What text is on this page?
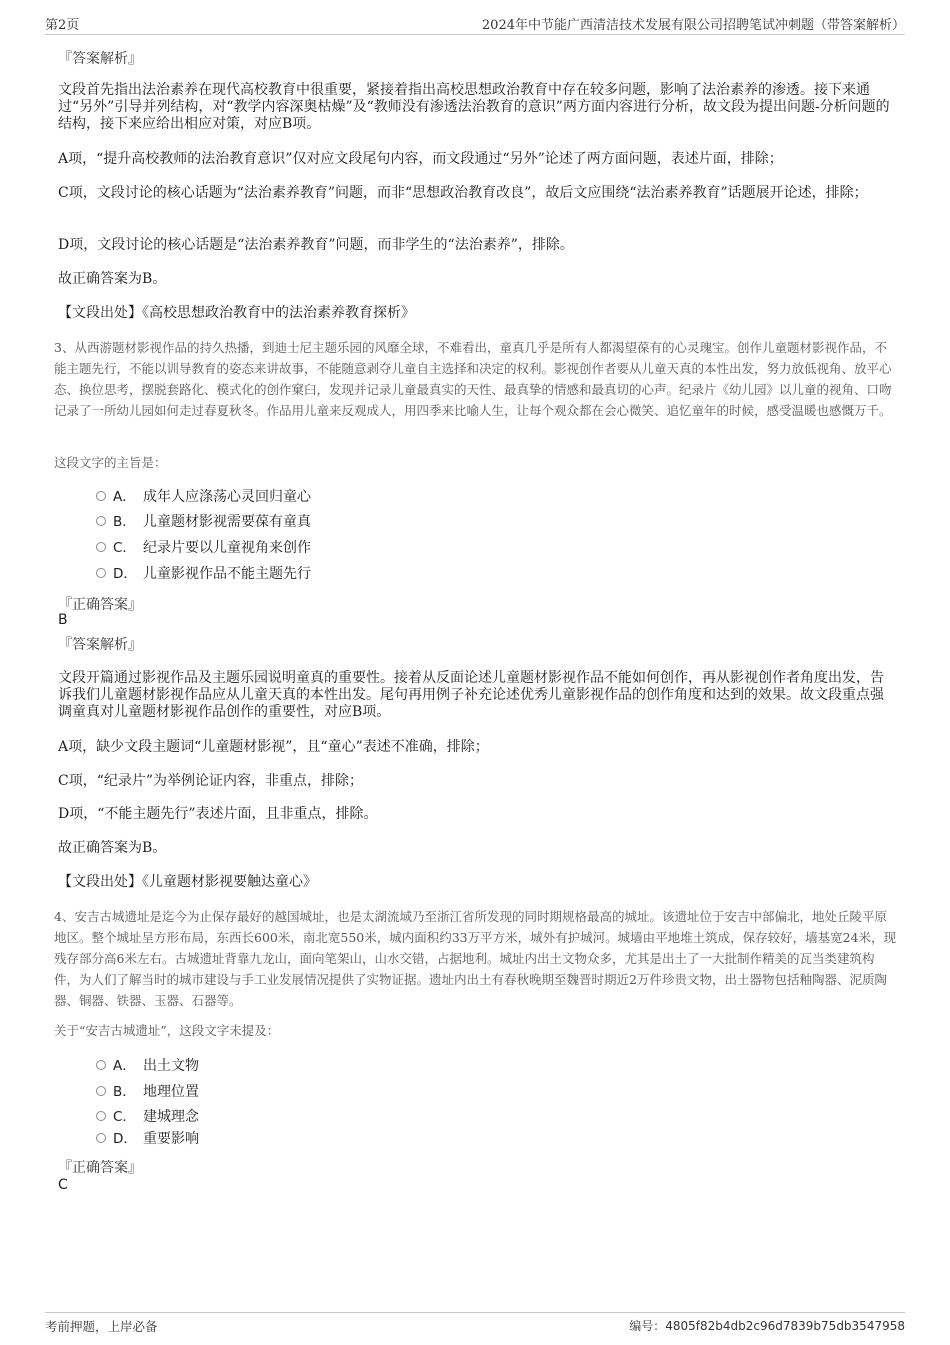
第2页	2024年中节能广西清洁技术发展有限公司招聘笔试冲刺题（带答案解析）
『答案解析』
文段首先指出法治素养在现代高校教育中很重要，紧接着指出高校思想政治教育中存在较多问题，影响了法治素养的渗透。接下来通过“另外”引导并列结构，对“教学内容深奥枯燥”及“教师没有渗透法治教育的意识”两方面内容进行分析，故文段为提出问题-分析问题的结构，接下来应给出相应对策，对应B项。
A项，“提升高校教师的法治教育意识”仅对应文段尾句内容，而文段通过“另外”论述了两方面问题，表述片面，排除；
C项，文段讨论的核心话题为“法治素养教育”问题，而非“思想政治教育改良”，故后文应围绕“法治素养教育”话题展开论述，排除；
D项，文段讨论的核心话题是“法治素养教育”问题，而非学生的“法治素养”，排除。
故正确答案为B。
【文段出处】《高校思想政治教育中的法治素养教育探析》
3、从西游题材影视作品的持久热播，到迪士尼主题乐园的风靡全球，不难看出，童真几乎是所有人都渴望葆有的心灵瑰宝。创作儿童题材影视作品，不能主题先行，不能以训导教育的姿态来讲故事，不能随意剥夺儿童自主选择和决定的权利。影视创作者要从儿童天真的本性出发，努力放低视角、放平心态、换位思考，摆脱套路化、模式化的创作窠臼，发现并记录儿童最真实的天性、最真挚的情感和最真切的心声。纪录片《幼儿园》以儿童的视角、口吻记录了一所幼儿园如何走过春夏秋冬。作品用儿童来反观成人，用四季来比喻人生，让每个观众都在会心微笑、追忆童年的时候，感受温暖也感慨万千。
这段文字的主旨是：
A． 成年人应涤荡心灵回归童心
B． 儿童题材影视需要葆有童真
C． 纪录片要以儿童视角来创作
D． 儿童影视作品不能主题先行
『正确答案』
B
『答案解析』
文段开篇通过影视作品及主题乐园说明童真的重要性。接着从反面论述儿童题材影视作品不能如何创作，再从影视创作者角度出发，告诉我们儿童题材影视作品应从儿童天真的本性出发。尾句再用例子补充论述优秀儿童影视作品的创作角度和达到的效果。故文段重点强调童真对儿童题材影视作品创作的重要性，对应B项。
A项，缺少文段主题词“儿童题材影视”，且“童心”表述不准确，排除；
C项，“纪录片”为举例论证内容，非重点，排除；
D项，“不能主题先行”表述片面，且非重点，排除。
故正确答案为B。
【文段出处】《儿童题材影视要触达童心》
4、安吉古城遗址是迄今为止保存最好的越国城址，也是太湖流域乃至浙江省所发现的同时期规格最高的城址。该遗址位于安吉中部偏北，地处丘陵平原地区。整个城址呈方形布局，东西长600米，南北宽550米，城内面积约33万平方米，城外有护城河。城墙由平地堆土筑成，保存较好，墙基宽24米，现残存部分高6米左右。古城遗址背靠九龙山，面向笔架山，山水交错，占据地利。城址内出土文物众多，尤其是出土了一大批制作精美的瓦当类建筑构件，为人们了解当时的城市建设与手工业发展情况提供了实物证据。遗址内出土有春秋晚期至魏晋时期近2万件珍贵文物，出土器物包括釉陶器、泥质陶器、铜器、铁器、玉器、石器等。
关于“安吉古城遗址”，这段文字未提及：
A． 出土文物
B． 地理位置
C． 建城理念
D． 重要影响
『正确答案』
C
考前押题，上岸必备	编号：4805f82b4db2c96d7839b75db3547958
